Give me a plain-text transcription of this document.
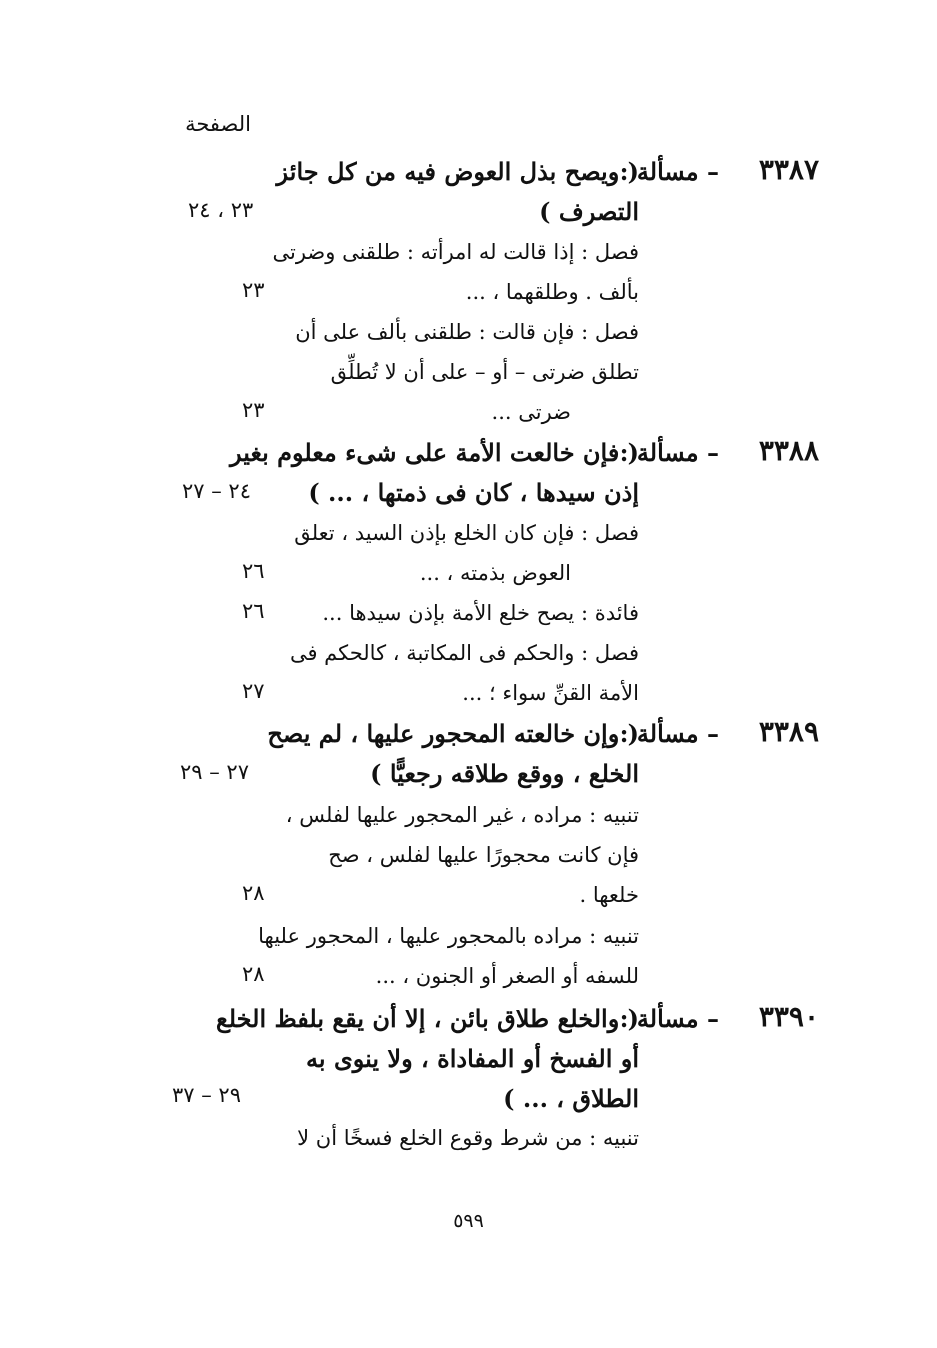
الصفحة
٣٣٨٧
– مسألة :
( ويصح بذل العوض فيه من كل جائز
التصرف )
٢٣ ، ٢٤
فصل : إذا قالت له امرأته : طلقنى وضرتى
بألف . وطلقهما ، ...
٢٣
فصل : فإن قالت : طلقنى بألف على أن
تطلق ضرتى – أو – على أن لا تُطلِّق
ضرتى ...
٢٣
٣٣٨٨
– مسألة :
( فإن خالعت الأمة على شىء معلوم بغير
إذن سيدها ، كان فى ذمتها ، ... )
٢٤ – ٢٧
فصل : فإن كان الخلع بإذن السيد ، تعلق
العوض بذمته ، ...
٢٦
فائدة : يصح خلع الأمة بإذن سيدها ...
٢٦
فصل : والحكم فى المكاتبة ، كالحكم فى
الأمة القنِّ سواء ؛ ...
٢٧
٣٣٨٩
– مسألة :
( وإن خالعته المحجور عليها ، لم يصح
الخلع ، ووقع طلاقه رجعيًّا )
٢٧ – ٢٩
تنبيه : مراده ، غير المحجور عليها لفلس ،
فإن كانت محجورًا عليها لفلس ، صح
خلعها .
٢٨
تنبيه : مراده بالمحجور عليها ، المحجور عليها
للسفه أو الصغر أو الجنون ، ...
٢٨
٣٣٩٠
– مسألة :
( والخلع طلاق بائن ، إلا أن يقع بلفظ الخلع
أو الفسخ أو المفاداة ، ولا ينوى به
الطلاق ، ... )
٢٩ – ٣٧
تنبيه : من شرط وقوع الخلع فسخًا أن لا
٥٩٩
